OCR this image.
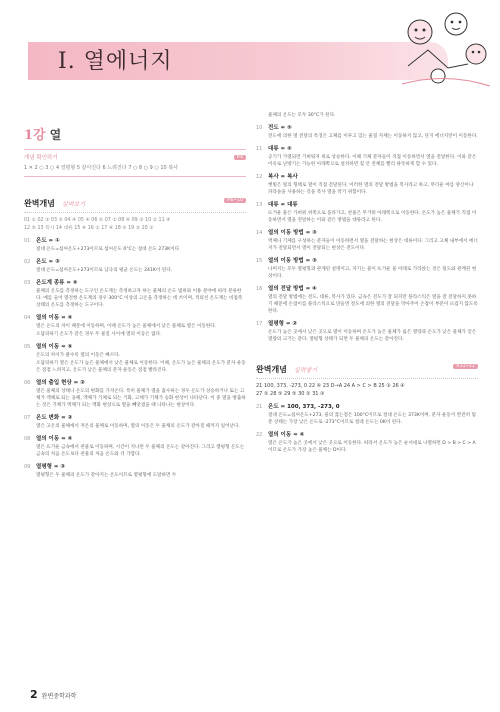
Ⅰ. 열에너지
1강 열
개념 확인하기	P.4
1 ✕ 2 ○ 3 ○ 4 열평형 5 같아진다 6 느려진다 7 ○ 8 ○ 9 ○ 10 복사
완벽개념 살펴보기
P.6~10
01 ① 02 ③ 03 ⑤ 04 ④ 05 ④ 06 ⑤ 07 ② 08 ④ 09 ③ 10 ② 11 ④
12 ⑤ 13 복사 14 대류 15 ④ 16 ② 17 ④ 18 ⑤ 19 ③ 20 ②
01	온도 = ①
절대 온도=섭씨온도+273이므로 섭씨온도 0°C는 절대 온도 273K이다.
02	온도 = ③
절대 온도=섭씨온도+273이므로 남극의 평균 온도는 241K이 된다.
03	온도계 종류 = ⑤
물체의 온도를 측정하는 도구인 온도계는 측정하고자 하는 물체의 온도 범위와 이용 분야에 따라 분류한다. 예를 들어 열전쌍 온도계의 경우 300°C 이상의 고온을 측정하는 데 쓰이며, 적외선 온도계는 비접촉 상태의 온도를 측정하는 도구이다.
04	열의 이동 = ④
열은 온도의 차이 때문에 이동하며, 이때 온도가 높은 물체에서 낮은 물체로 열은 이동한다.
오답피하기 온도가 같은 경우 두 물질 사이에 열의 이동은 없다.
05	열의 이동 = ⑤
온도의 차이가 클수록 열의 이동은 빠르다.
오답피하기 열은 온도가 높은 물체에서 낮은 물체로 이동한다. 이때, 온도가 높은 물체의 온도가 분자 운동은 점점 느려지고, 온도가 낮은 물체의 분자 운동은 점점 빨라진다.
06	열의 출입 현상 = ②
열은 물체의 상태나 온도의 변화를 가져온다. 특히 물체가 열을 흡수하는 경우 온도가 상승하거나 또는 고체가 액체로 되는 융해, 액체가 기체로 되는 기화, 고체가 기체가 승화 현상이 나타난다. 이 중 열을 방출하는 것은 기체가 액체가 되는 액화 현상으로 열을 빼앗겼을 때 나타나는 현상이다.
07	온도 변화 = ②
열은 고온의 물체에서 저온의 물체로 이동하며, 열의 이동은 두 물체의 온도가 같아질 때까지 일어난다.
08	열의 이동 = ④
열은 뜨거운 금속에서 찬물로 이동하며, 시간이 지나면 두 물체의 온도는 같아진다. 그리고 열평형 온도는 금속의 처음 온도보다 찬물의 처음 온도와 더 가깝다.
09	열평형 = ③
열평형은 두 물체의 온도가 같아지는 온도이므로 열평형에 도달하면 두
물체의 온도는 모두 30°C가 된다.
10	전도 = ⑤
전도에 의한 열 전달의 특징은 고체를 이루고 있는 물질 자체는 이동하지 않고, 단지 에너지만이 이동한다.
11	대류 = ⑤
공기가 가열되면 가벼워져 위로 상승한다. 이때 기체 분자들이 직접 이동하면서 열을 전달한다. 이와 같은 이유로 난방기는 가능한 아래쪽으로 설치하면 집 안 전체를 빨리 따뜻하게 할 수 있다.
12	복사 = 복사
햇빛은 빛의 형태로 열이 직접 전달된다. 이러한 열의 전달 방법을 복사라고 하고, 무더운 여름 양산이나 파라솔을 사용하는 것을 복사 열을 막기 위함이다.
13	대류 = 대류
뜨거운 물은 가벼워 위쪽으로 올라가고, 찬물은 무거워 아래쪽으로 이동한다. 온도가 높은 물체가 직접 이동하면서 열을 전달하는 이와 같은 방법을 대류라고 한다.
14	열의 이동 방법 = ③
액체나 기체를 구성하는 분자들이 이동하면서 열을 전달하는 현상은 대류이다. 그리고 고체 내부에서 에너지가 전달되면서 열이 전달되는 현상은 전도이다.
15	열의 이동 방법 = ③
나머지는 모두 열평형과 관계된 설명이고, 자기는 물이 뜨거운 물 아래로 가라앉는 것은 밀도와 관계된 현상이다.
16	열의 전달 방법 = ④
열의 전달 방법에는 전도, 대류, 복사가 있다. 금속은 전도가 잘 되지만 플라스틱은 열을 잘 전달하지 못하기 때문에 손잡이를 플라스틱으로 만들면 전도에 의한 열의 전달을 막아주어 손잡이 부분이 뜨겁지 않도록 한다.
17	열평형 = ②
온도가 높은 곳에서 낮은 곳으로 열이 이동하며 온도가 높은 물체가 잃은 열량과 온도가 낮은 물체가 얻은 열량의 크기는 같다. 열평형 상태가 되면 두 물체의 온도는 같아진다.
완벽개념 실력쌓기
P.11~12
21 100, 373, -273, 0 22 ④ 23 D→A 24 A > C > B 25 ③ 26 ④
27 ② 28 ⑤ 29 ⑤ 30 ② 31 ③
21	온도 = 100, 373, -273, 0
절대 온도=섭씨온도+273, 물의 끓는점은 100°C이므로 절대 온도는 373K이며, 분자 운동이 완전히 멈춘 상태는 가장 낮은 온도로 -273°C이므로 절대 온도는 0K이 된다.
22	열의 이동 = ④
열은 온도가 높은 곳에서 낮은 곳으로 이동한다. 따라서 온도가 높은 순서대로 나열하면 D > B > C > A 이므로 온도가 가장 높은 물체는 D이다.
2 완변중학과학
